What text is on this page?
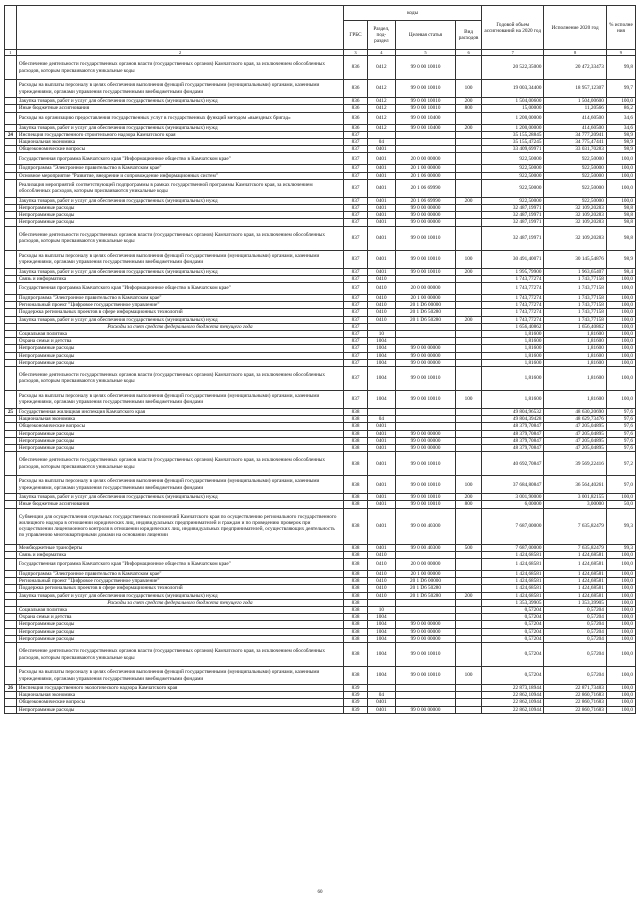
		коды				Годовой объем ассигнований на 2020 год	Исполнение 2020 год	% исполне ния
		ГРБС	Раздел, под-раздел	Целевая статья	Вид расходов			
1	2	3	4	5	6	7	8	9
	Обеспечение деятельности государственных органов власти (государственных органов) Камчатского края, за исключением обособленных расходов, которым присваиваются уникальные коды	836	0412	99 0 00 10010		20 522,35000	20 472,33473	99,8
	Расходы на выплаты персоналу в целях обеспечения выполнения функций государственными (муниципальными) органами, казенными учреждениями, органами управления государственными внебюджетными фондами	836	0412	99 0 00 10010	100	19 003,34400	18 957,12307	99,7
	Закупка товаров, работ и услуг для обеспечения государственных (муниципальных) нужд	836	0412	99 0 00 10010	200	1 504,00600	1 504,00600	100,0
	Иные бюджетные ассигнования	836	0412	99 0 00 10010	800	15,00000	11,20566	86,2
	Расходы на организацию предоставления государственных услуг в государственных функций методом «выездных бригад»	836	0412	99 0 00 10400		1 200,00000	414,60500	34,6
	Закупка товаров, работ и услуг для обеспечения государственных (муниципальных) нужд	836	0412	99 0 00 10400	200	1 200,00000	414,60500	34,6
24	Инспекция государственного строительного надзора Камчатского края	837				35 155,28845	34 777,20941	98,9
	Национальная экономика	837	04			35 155,47245	34 775,47441	98,9
	Общеэкономические вопросы	837	0401			33 409,69971	33 031,70283	98,9
	Государственная программа Камчатского края "Информационное общество в Камчатском крае"	837	0401	20 0 00 00000		922,50000	922,50000	100,0
	Подпрограмма "Электронное правительство в Камчатском крае"	837	0401	20 1 00 00000		922,50000	922,50000	100,0
	Основное мероприятие "Развитие, внедрение и сопровождение информационных систем"	837	0401	20 1 06 00000		922,50000	922,50000	100,0
	Реализация мероприятий соответствующей подпрограммы в рамках государственной программы Камчатского края, за исключением обособленных расходов, которым присваиваются уникальные коды	837	0401	20 1 06 69990		922,50000	922,50000	100,0
	Закупка товаров, работ и услуг для обеспечения государственных (муниципальных) нужд	837	0401	20 1 06 69990	200	922,50000	922,50000	100,0
	Непрограммные расходы	837	0401	99 0 00 00000		32 487,19971	32 109,20283	98,8
	Непрограммные расходы	837	0401	99 0 00 00000		32 487,19971	32 109,20283	98,8
	Непрограммные расходы	837	0401	99 0 00 00000		32 487,19971	32 109,20283	98,8
	Обеспечение деятельности государственных органов власти (государственных органов) Камчатского края, за исключением обособленных расходов, которым присваиваются уникальные коды	837	0401	99 0 00 10010		32 487,19971	32 109,20283	98,8
	Расходы на выплаты персоналу в целях обеспечения выполнения функций государственными (муниципальными) органами, казенными учреждениями, органами управления государственными внебюджетными фондами	837	0401	99 0 00 10010	100	30 491,40071	30 145,54876	98,9
	Закупка товаров, работ и услуг для обеспечения государственных (муниципальных) нужд	837	0401	99 0 00 10010	200	1 995,79900	1 963,65407	98,4
	Связь и информатика	837	0410			1 743,77274	1 743,77158	100,0
	Государственная программа Камчатского края "Информационное общество в Камчатском крае"	837	0410	20 0 00 00000		1 743,77274	1 743,77158	100,0
	Подпрограмма "Электронное правительство в Камчатском крае"	837	0410	20 1 00 00000		1 743,77274	1 743,77158	100,0
	Региональный проект "Цифровое государственное управление"	837	0410	20 1 D6 00000		1 743,77274	1 743,77158	100,0
	Поддержка региональных проектов в сфере информационных технологий	837	0410	20 1 D6 50280		1 743,77274	1 743,77158	100,0
	Закупка товаров, работ и услуг для обеспечения государственных (муниципальных) нужд	837	0410	20 1 D6 50280	200	1 743,77274	1 743,77158	100,0
	Расходы за счет средств федерального бюджета текущего года	837				1 656,40862	1 656,40862	100,0
	Социальная политика	837	10			1,81600	1,81600	100,0
	Охрана семьи и детства	837	1004			1,81600	1,81600	100,0
	Непрограммные расходы	837	1004	99 0 00 00000		1,81600	1,81600	100,0
	Непрограммные расходы	837	1004	99 0 00 00000		1,81600	1,81600	100,0
	Непрограммные расходы	837	1004	99 0 00 00000		1,81600	1,81600	100,0
	Обеспечение деятельности государственных органов власти (государственных органов) Камчатского края, за исключением обособленных расходов, которым присваиваются уникальные коды	837	1004	99 0 00 10010		1,81600	1,81600	100,0
	Расходы на выплаты персоналу в целях обеспечения выполнения функций государственными (муниципальными) органами, казенными учреждениями, органами управления государственными внебюджетными фондами	837	1004	99 0 00 10010	100	1,81600	1,81600	100,0
25	Государственная жилищная инспекция Камчатского края	838				49 804,96532	48 630,20690	97,6
	Национальная экономика	838	04			49 804,39428	48 629,73476	97,6
	Общеэкономические вопросы	838	0401			48 379,70847	47 205,04895	97,6
	Непрограммные расходы	838	0401	99 0 00 00000		48 379,70847	47 205,04895	97,6
	Непрограммные расходы	838	0401	99 0 00 00000		48 379,70847	47 205,04895	97,6
	Непрограммные расходы	838	0401	99 0 00 00000		48 379,70847	47 205,04895	97,6
	Обеспечение деятельности государственных органов власти (государственных органов) Камчатского края, за исключением обособленных расходов, которым присваиваются уникальные коды	838	0401	99 0 00 10010		40 692,70847	39 569,22416	97,2
	Расходы на выплаты персоналу в целях обеспечения выполнения функций государственными (муниципальными) органами, казенными учреждениями, органами управления государственными внебюджетными фондами	838	0401	99 0 00 10010	100	37 684,80847	36 564,40261	97,0
	Закупка товаров, работ и услуг для обеспечения государственных (муниципальных) нужд	838	0401	99 0 00 10010	200	3 001,90000	3 001,82155	100,0
	Иные бюджетные ассигнования	838	0401	99 0 00 10010	800	6,00000	3,00000	50,0
	Субвенции для осуществления отдельных государственных полномочий Камчатского края по осуществлению регионального государственного жилищного надзора в отношении юридических лиц, индивидуальных предпринимателей и граждан и по проведению проверок при осуществлении лицензионного контроля в отношении юридических лиц, индивидуальных предпринимателей, осуществляющих деятельность по управлению многоквартирными домами на основании лицензии	838	0401	99 0 00 40300		7 687,00000	7 635,82479	99,3
	Межбюджетные трансферты	838	0401	99 0 00 40300	500	7 687,00000	7 635,82479	99,3
	Связь и информатика	838	0410			1 424,68581	1 424,68581	100,0
	Государственная программа Камчатского края "Информационное общество в Камчатском крае"	838	0410	20 0 00 00000		1 424,68581	1 424,68581	100,0
	Подпрограмма "Электронное правительство в Камчатском крае"	838	0410	20 1 00 00000		1 424,68581	1 424,68581	100,0
	Региональный проект "Цифровое государственное управление"	838	0410	20 1 D6 00000		1 424,68581	1 424,68581	100,0
	Поддержка региональных проектов в сфере информационных технологий	838	0410	20 1 D6 50280		1 424,68581	1 424,68581	100,0
	Закупка товаров, работ и услуг для обеспечения государственных (муниципальных) нужд	838	0410	20 1 D6 50280	200	1 424,68581	1 424,68581	100,0
	Расходы за счет средств федерального бюджета текущего года	838				1 353,39905	1 353,39905	100,0
	Социальная политика	838	10			0,57204	0,57204	100,0
	Охрана семьи и детства	838	1004			0,57204	0,57204	100,0
	Непрограммные расходы	838	1004	99 0 00 00000		0,57204	0,57204	100,0
	Непрограммные расходы	838	1004	99 0 00 00000		0,57204	0,57204	100,0
	Непрограммные расходы	838	1004	99 0 00 00000		0,57204	0,57204	100,0
	Обеспечение деятельности государственных органов власти (государственных органов) Камчатского края, за исключением обособленных расходов, которым присваиваются уникальные коды	838	1004	99 0 00 10010		0,57204	0,57204	100,0
	Расходы на выплаты персоналу в целях обеспечения выполнения функций государственными (муниципальными) органами, казенными учреждениями, органами управления государственными внебюджетными фондами	838	1004	99 0 00 10010	100	0,57204	0,57204	100,0
26	Инспекция государственного экологического надзора Камчатского края	839				22 873,18944	22 871,73483	100,0
	Национальная экономика	839	04			22 862,10944	22 860,71683	100,0
	Общеэкономические вопросы	839	0401			22 862,10944	22 860,71683	100,0
	Непрограммные расходы	839	0401	99 0 00 00000		22 862,10944	22 860,71683	100,0
60
